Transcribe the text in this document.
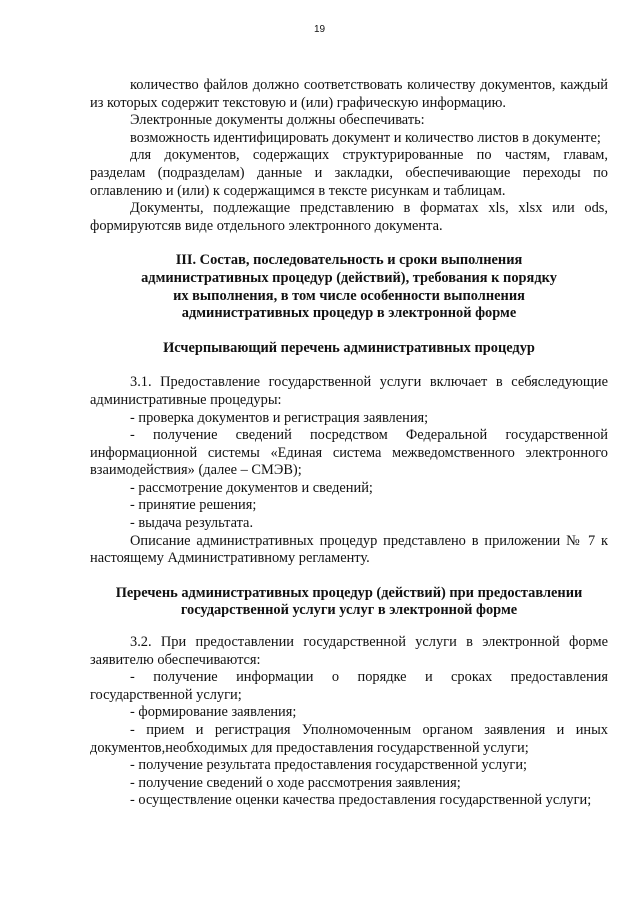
19

количество файлов должно соответствовать количеству документов, каждый из которых содержит текстовую и (или) графическую информацию.

Электронные документы должны обеспечивать:

возможность идентифицировать документ и количество листов в документе;

для документов, содержащих структурированные по частям, главам, разделам (подразделам) данные и закладки, обеспечивающие переходы по оглавлению и (или) к содержащимся в тексте рисункам и таблицам.

Документы, подлежащие представлению в форматах xls, xlsx или ods, формируютсяв виде отдельного электронного документа.

III. Состав, последовательность и сроки выполнения

административных процедур (действий), требования к порядку

их выполнения, в том числе особенности выполнения

административных процедур в электронной форме

Исчерпывающий перечень административных процедур

3.1. Предоставление государственной услуги включает в себяследующие административные процедуры:

- проверка документов и регистрация заявления;

- получение сведений посредством Федеральной государственной информационной системы «Единая система межведомственного электронного взаимодействия» (далее – СМЭВ);

- рассмотрение документов и сведений;

- принятие решения;

- выдача результата.

Описание административных процедур представлено в приложении № 7 к настоящему Административному регламенту.

Перечень административных процедур (действий) при предоставлении

государственной услуги услуг в электронной форме

3.2. При предоставлении государственной услуги в электронной форме заявителю обеспечиваются:

- получение информации о порядке и сроках предоставления государственной услуги;

- формирование заявления;

- прием и регистрация Уполномоченным органом заявления и иных документов,необходимых для предоставления государственной услуги;

- получение результата предоставления государственной услуги;

- получение сведений о ходе рассмотрения заявления;

- осуществление оценки качества предоставления государственной услуги;
